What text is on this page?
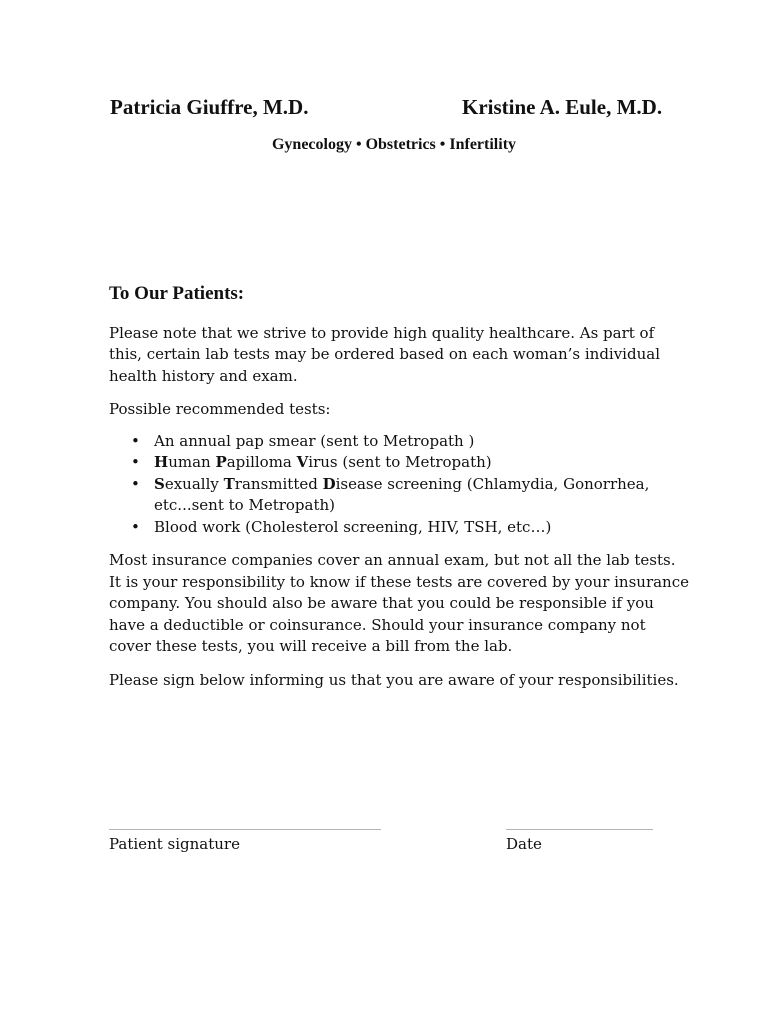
Patricia Giuffre, M.D.	Kristine A. Eule, M.D.
Gynecology • Obstetrics • Infertility
To Our Patients:

Please note that we strive to provide high quality healthcare. As part of this, certain lab tests may be ordered based on each woman’s individual health history and exam.

Possible recommended tests:

• An annual pap smear (sent to Metropath )
• Human Papilloma Virus (sent to Metropath)
• Sexually Transmitted Disease screening (Chlamydia, Gonorrhea, etc...sent to Metropath)
• Blood work (Cholesterol screening, HIV, TSH, etc…)

Most insurance companies cover an annual exam, but not all the lab tests. It is your responsibility to know if these tests are covered by your insurance company. You should also be aware that you could be responsible if you have a deductible or coinsurance. Should your insurance company not cover these tests, you will receive a bill from the lab.

Please sign below informing us that you are aware of your responsibilities.

Patient signature	Date
